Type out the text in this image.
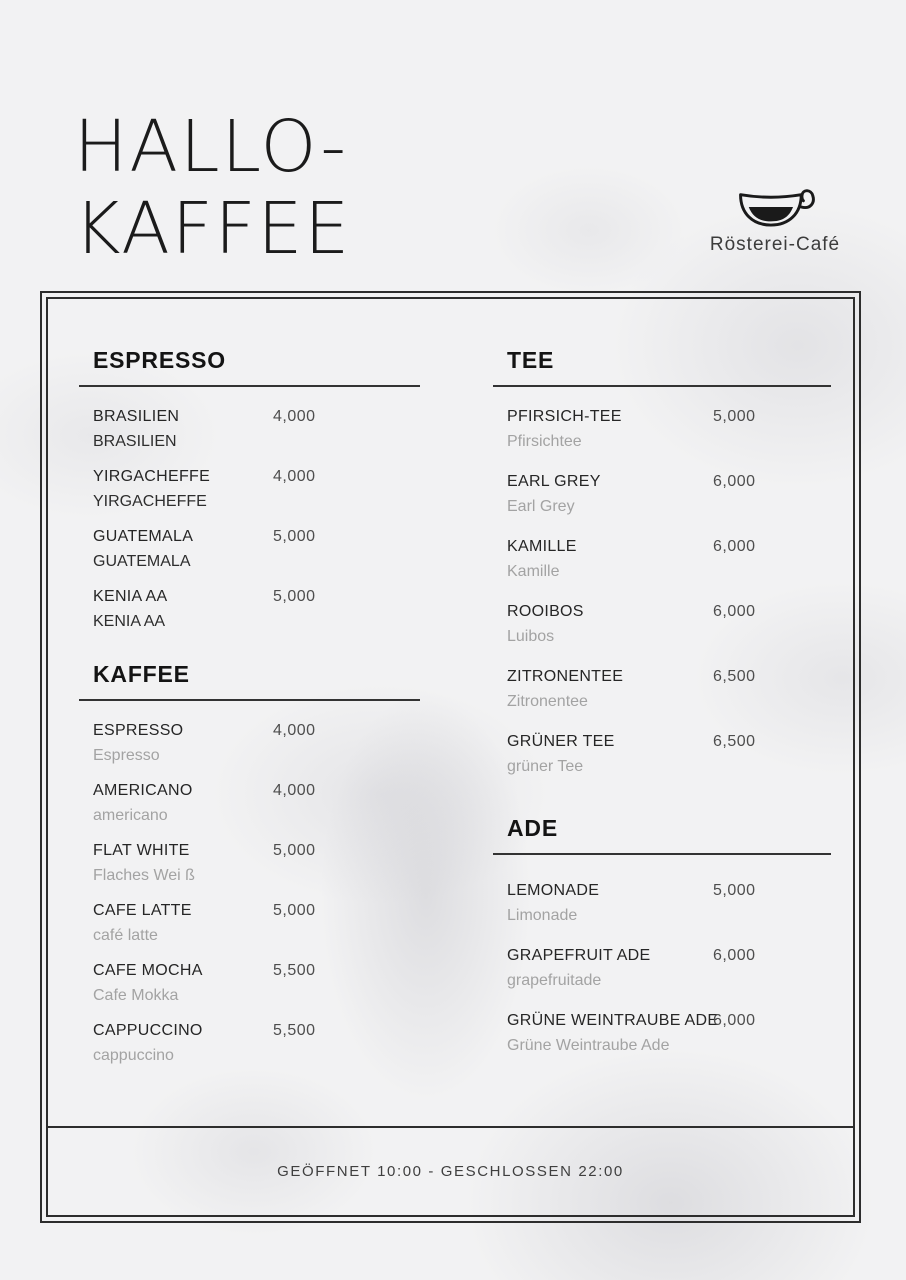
HALLO-
KAFFEE	Rösterei-Café
ESPRESSO
BRASILIEN
BRASILIEN
4,000
YIRGACHEFFE
YIRGACHEFFE
4,000
GUATEMALA
GUATEMALA
5,000
KENIA AA
KENIA AA
5,000
KAFFEE
ESPRESSO
Espresso
4,000
AMERICANO
americano
4,000
FLAT WHITE
Flaches Wei ß
5,000
CAFE LATTE
café latte
5,000
CAFE MOCHA
Cafe Mokka
5,500
CAPPUCCINO
cappuccino
5,500
TEE
PFIRSICH-TEE
Pfirsichtee
5,000
EARL GREY
Earl Grey
6,000
KAMILLE
Kamille
6,000
ROOIBOS
Luibos
6,000
ZITRONENTEE
Zitronentee
6,500
GRÜNER TEE
grüner Tee
6,500
ADE
LEMONADE
Limonade
5,000
GRAPEFRUIT ADE
grapefruitade
6,000
GRÜNE WEINTRAUBE ADE
Grüne Weintraube Ade
6,000
GEÖFFNET 10:00 - GESCHLOSSEN 22:00
